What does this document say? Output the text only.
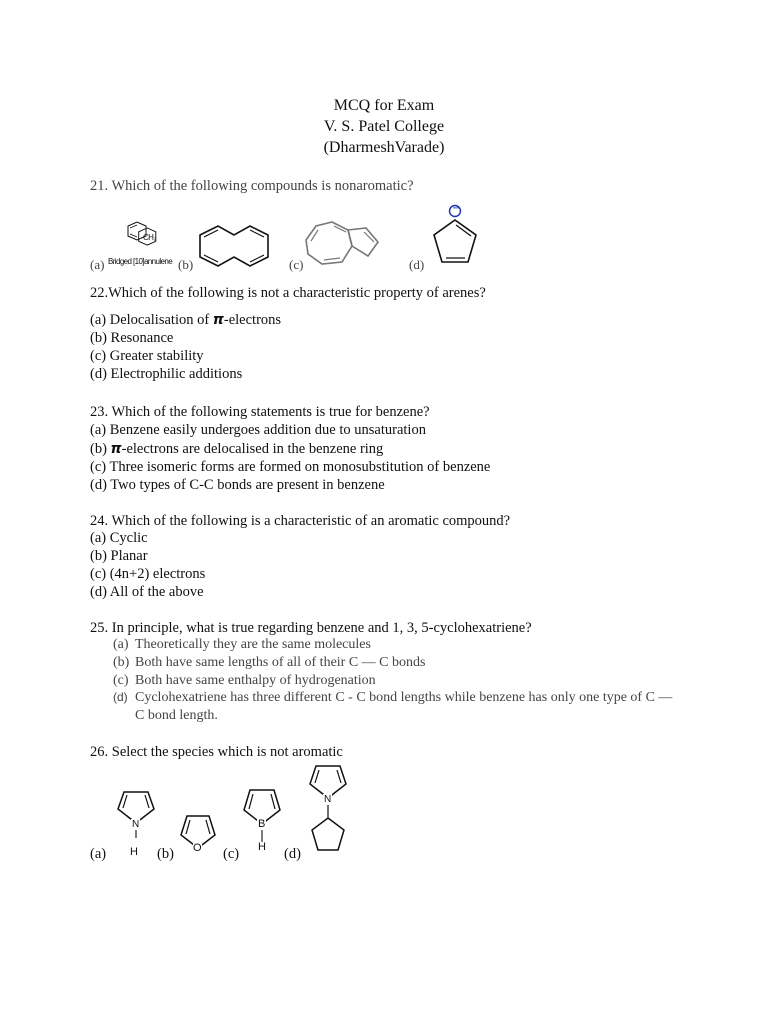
MCQ for Exam
V. S. Patel College
(DharmeshVarade)
21. Which of the following compounds is nonaromatic?
(a) Bridged [10]annulene (b)	(c)	(d)
CH₂
−
22.Which of the following is not a characteristic property of arenes?
(a) Delocalisation of π-electrons
(b) Resonance
(c) Greater stability
(d) Electrophilic additions
23. Which of the following statements is true for benzene?
(a) Benzene easily undergoes addition due to unsaturation
(b) π-electrons are delocalised in the benzene ring
(c) Three isomeric forms are formed on monosubstitution of benzene
(d) Two types of C-C bonds are present in benzene
24. Which of the following is a characteristic of an aromatic compound?
(a) Cyclic
(b) Planar
(c) (4n+2) electrons
(d) All of the above
25. In principle, what is true regarding benzene and 1, 3, 5-cyclohexatriene?
(a) Theoretically they are the same molecules
(b) Both have same lengths of all of their C — C bonds
(c) Both have same enthalpy of hydrogenation
(d) Cyclohexatriene has three different C - C bond lengths while benzene has only one type of C — C bond length.
26. Select the species which is not aromatic
(a)	(b)	(c)	(d)
N
H	O
B
H
N
